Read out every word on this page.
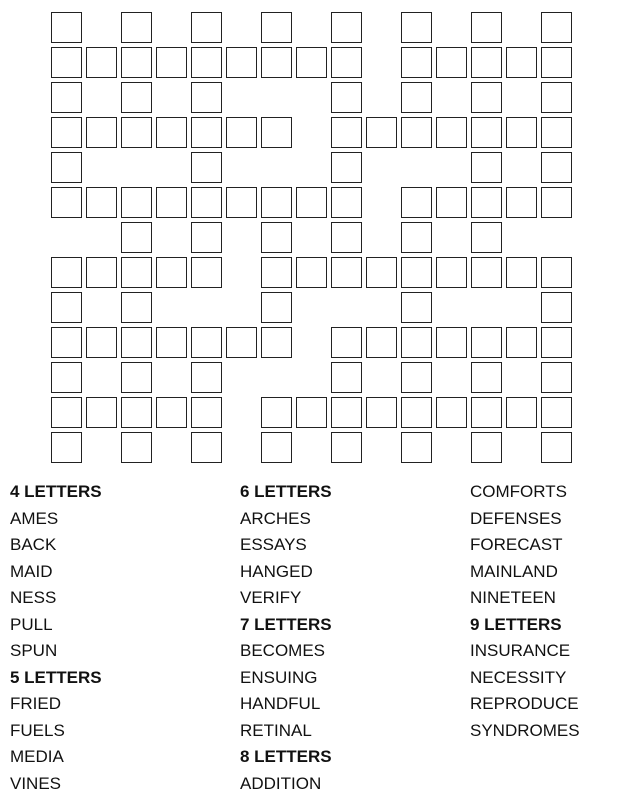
4 LETTERS
AMES
BACK
MAID
NESS
PULL
SPUN
5 LETTERS
FRIED
FUELS
MEDIA
VINES
6 LETTERS
ARCHES
ESSAYS
HANGED
VERIFY
7 LETTERS
BECOMES
ENSUING
HANDFUL
RETINAL
8 LETTERS
ADDITION
COMFORTS
DEFENSES
FORECAST
MAINLAND
NINETEEN
9 LETTERS
INSURANCE
NECESSITY
REPRODUCE
SYNDROMES
